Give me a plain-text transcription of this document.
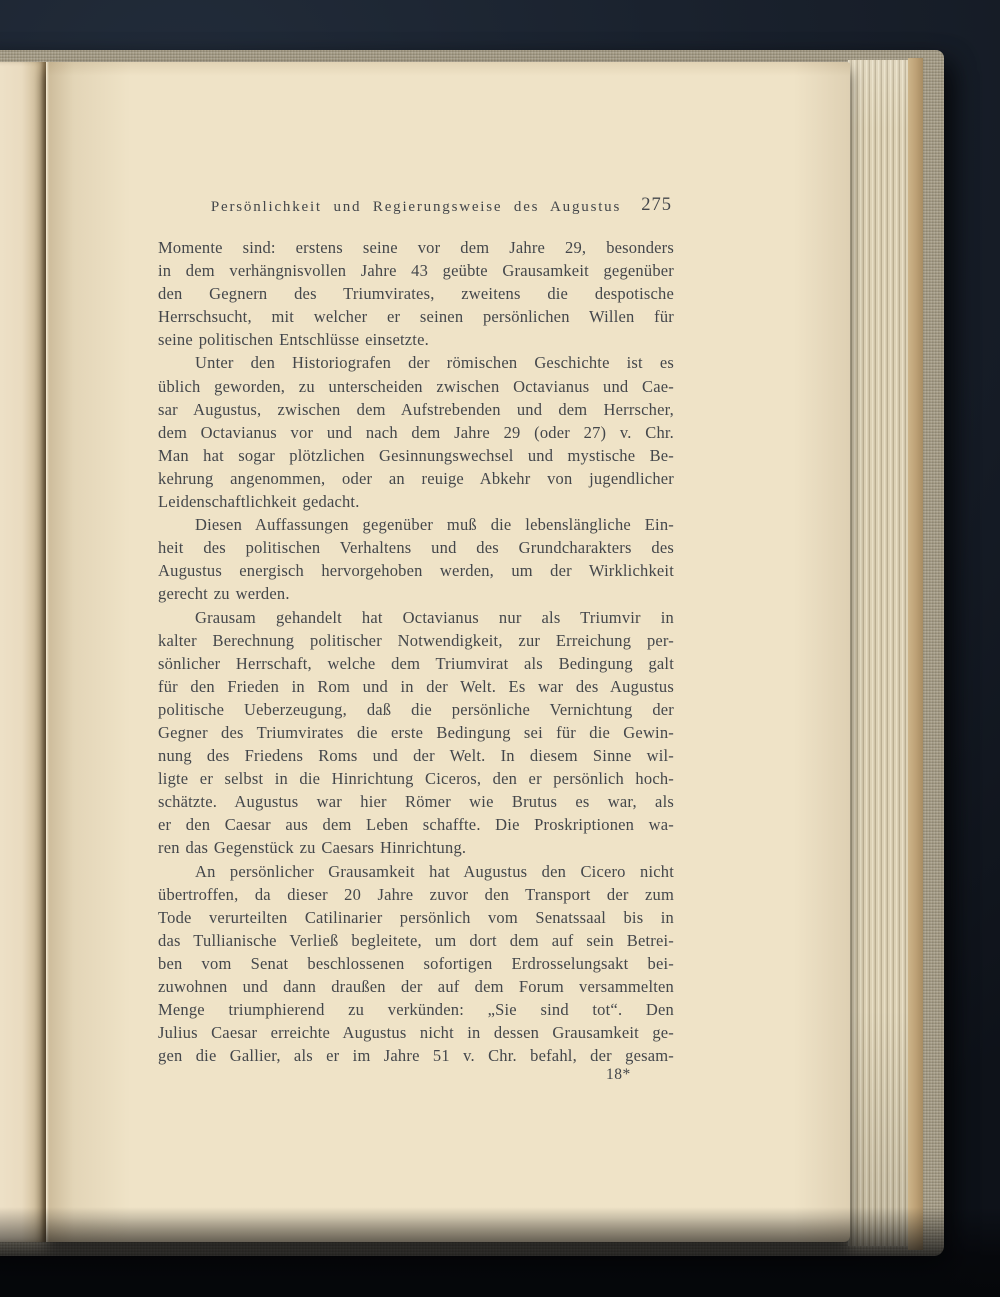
Persönlichkeit und Regierungsweise des Augustus 275
Momente sind: erstens seine vor dem Jahre 29, besonders
in dem verhängnisvollen Jahre 43 geübte Grausamkeit gegenüber
den Gegnern des Triumvirates, zweitens die despotische
Herrschsucht, mit welcher er seinen persönlichen Willen für
seine politischen Entschlüsse einsetzte.
Unter den Historiografen der römischen Geschichte ist es
üblich geworden, zu unterscheiden zwischen Octavianus und Cae-
sar Augustus, zwischen dem Aufstrebenden und dem Herrscher,
dem Octavianus vor und nach dem Jahre 29 (oder 27) v. Chr.
Man hat sogar plötzlichen Gesinnungswechsel und mystische Be-
kehrung angenommen, oder an reuige Abkehr von jugendlicher
Leidenschaftlichkeit gedacht.
Diesen Auffassungen gegenüber muß die lebenslängliche Ein-
heit des politischen Verhaltens und des Grundcharakters des
Augustus energisch hervorgehoben werden, um der Wirklichkeit
gerecht zu werden.
Grausam gehandelt hat Octavianus nur als Triumvir in
kalter Berechnung politischer Notwendigkeit, zur Erreichung per-
sönlicher Herrschaft, welche dem Triumvirat als Bedingung galt
für den Frieden in Rom und in der Welt. Es war des Augustus
politische Ueberzeugung, daß die persönliche Vernichtung der
Gegner des Triumvirates die erste Bedingung sei für die Gewin-
nung des Friedens Roms und der Welt. In diesem Sinne wil-
ligte er selbst in die Hinrichtung Ciceros, den er persönlich hoch-
schätzte. Augustus war hier Römer wie Brutus es war, als
er den Caesar aus dem Leben schaffte. Die Proskriptionen wa-
ren das Gegenstück zu Caesars Hinrichtung.
An persönlicher Grausamkeit hat Augustus den Cicero nicht
übertroffen, da dieser 20 Jahre zuvor den Transport der zum
Tode verurteilten Catilinarier persönlich vom Senatssaal bis in
das Tullianische Verließ begleitete, um dort dem auf sein Betrei-
ben vom Senat beschlossenen sofortigen Erdrosselungsakt bei-
zuwohnen und dann draußen der auf dem Forum versammelten
Menge triumphierend zu verkünden: „Sie sind tot“. Den
Julius Caesar erreichte Augustus nicht in dessen Grausamkeit ge-
gen die Gallier, als er im Jahre 51 v. Chr. befahl, der gesam-
18*
